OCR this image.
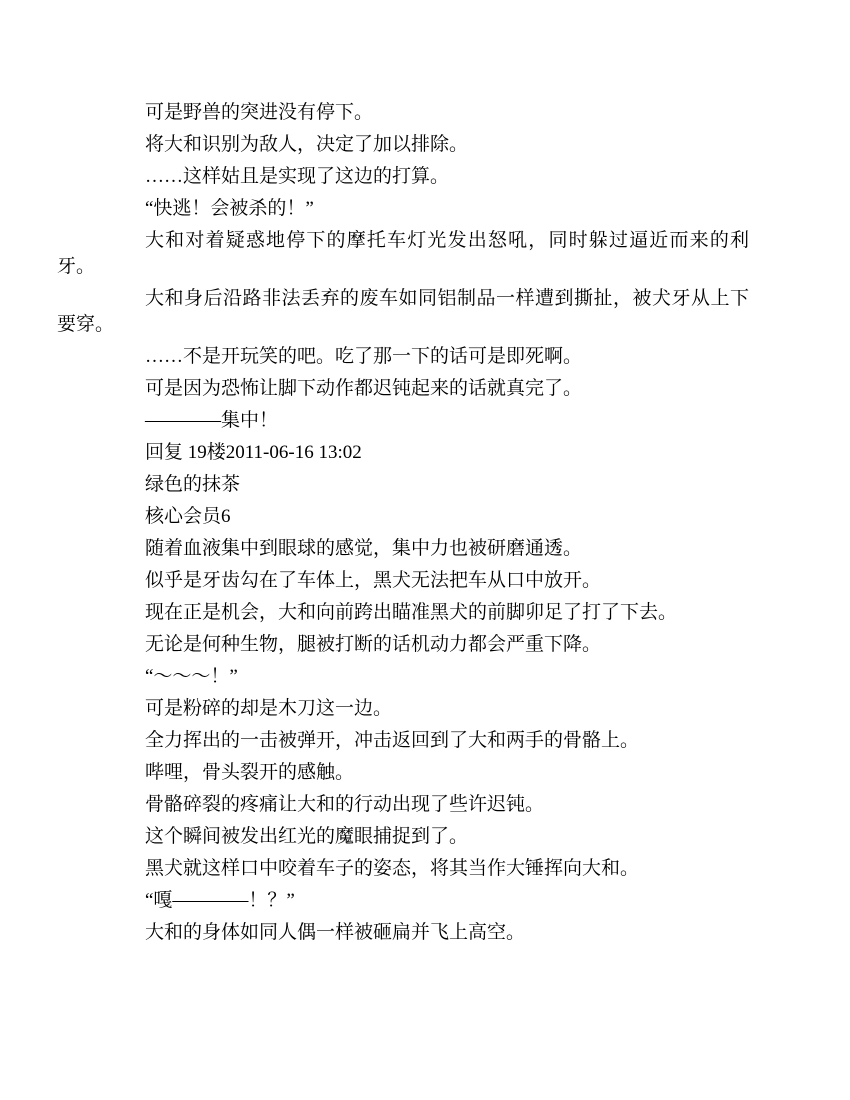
可是野兽的突进没有停下。

将大和识别为敌人，决定了加以排除。

……这样姑且是实现了这边的打算。

“快逃！会被杀的！”

大和对着疑惑地停下的摩托车灯光发出怒吼，同时躲过逼近而来的利牙。

大和身后沿路非法丢弃的废车如同铝制品一样遭到撕扯，被犬牙从上下要穿。

……不是开玩笑的吧。吃了那一下的话可是即死啊。

可是因为恐怖让脚下动作都迟钝起来的话就真完了。

————集中！

回复 19楼2011-06-16 13:02

绿色的抹茶

核心会员6

随着血液集中到眼球的感觉，集中力也被研磨通透。

似乎是牙齿勾在了车体上，黑犬无法把车从口中放开。

现在正是机会，大和向前跨出瞄准黑犬的前脚卯足了打了下去。

无论是何种生物，腿被打断的话机动力都会严重下降。

“～～～！”

可是粉碎的却是木刀这一边。

全力挥出的一击被弹开，冲击返回到了大和两手的骨骼上。

哔哩，骨头裂开的感触。

骨骼碎裂的疼痛让大和的行动出现了些许迟钝。

这个瞬间被发出红光的魔眼捕捉到了。

黑犬就这样口中咬着车子的姿态，将其当作大锤挥向大和。

“嘎————！？”

大和的身体如同人偶一样被砸扁并飞上高空。
